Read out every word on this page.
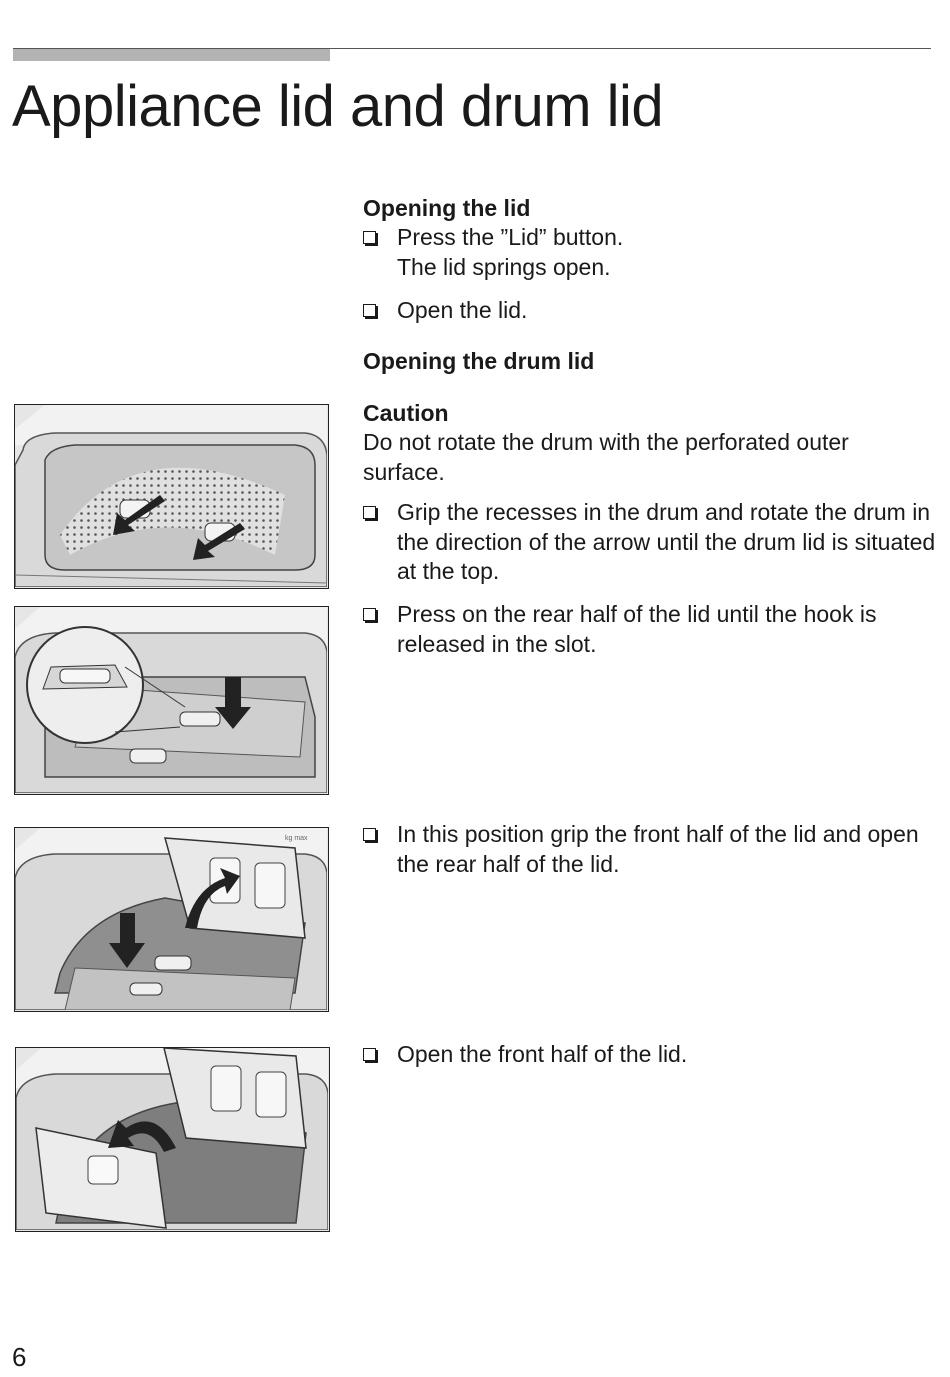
Appliance lid and drum lid
Opening the lid
Press the ”Lid” button.
The lid springs open.
Open the lid.
Opening the drum lid
Caution
Do not rotate the drum with the perforated outer surface.
Grip the recesses in the drum and rotate the drum in the direction of the arrow until the drum lid is situated at the top.
Press on the rear half of the lid until the hook is released in the slot.
In this position grip the front half of the lid and open the rear half of the lid.
Open the front half of the lid.
kg max
6
